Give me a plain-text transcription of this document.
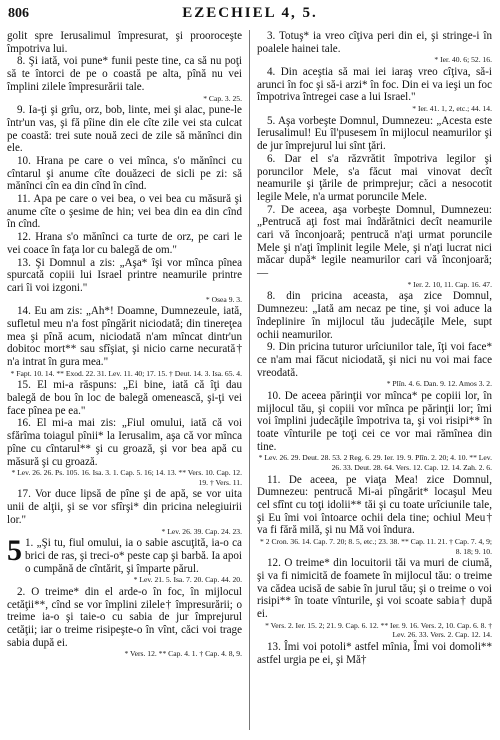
806	EZECHIEL 4, 5.

golit spre Ierusalimul împresurat, şi prooroceşte împotriva lui.

8. Şi iată, voi pune* funii peste tine, ca să nu poţi să te întorci de pe o coastă pe alta, pînă nu vei împlini zilele împresurării tale.

* Cap. 3. 25.

9. Ia-ţi şi grîu, orz, bob, linte, mei şi alac, pune-le într'un vas, şi fă pîine din ele cîte zile vei sta culcat pe coastă: trei sute nouă zeci de zile să mănînci din ele.

10. Hrana pe care o vei mînca, s'o mănînci cu cîntarul şi anume cîte douăzeci de sicli pe zi: să mănînci cîn ea din cînd în cînd.

11. Apa pe care o vei bea, o vei bea cu măsură şi anume cîte o şesime de hin; vei bea din ea din cînd în cînd.

12. Hrana s'o mănînci ca turte de orz, pe cari le vei coace în faţa lor cu balegă de om."

13. Şi Domnul a zis: „Aşa* îşi vor mînca pînea spurcată copiii lui Israel printre neamurile printre cari îi voi izgoni."

* Osea 9. 3.

14. Eu am zis: „Ah*! Doamne, Dumnezeule, iată, sufletul meu n'a fost pîngărit niciodată; din tinereţea mea şi pînă acum, niciodată n'am mîncat dintr'un dobitoc mort** sau sfîşiat, şi nicio carne necurată† n'a intrat în gura mea."

* Fapt. 10. 14. ** Exod. 22. 31. Lev. 11. 40; 17. 15. † Deut. 14. 3. Isa. 65. 4.

15. El mi-a răspuns: „Ei bine, iată că îţi dau balegă de bou în loc de balegă omenească, şi-ţi vei face pînea pe ea."

16. El mi-a mai zis: „Fiul omului, iată că voi sfărîma toiagul pînii* la Ierusalim, aşa că vor mînca pîne cu cîntarul** şi cu groază, şi vor bea apă cu măsură şi cu groază.

* Lev. 26. 26. Ps. 105. 16. Isa. 3. 1. Cap. 5. 16; 14. 13. ** Vers. 10. Cap. 12. 19. † Vers. 11.

17. Vor duce lipsă de pîne şi de apă, se vor uita unii de alţii, şi se vor sfîrşi* din pricina nelegiuirii lor."

* Lev. 26. 39. Cap. 24. 23.

5 1. „Şi tu, fiul omului, ia o sabie ascuţită, ia-o ca brici de ras, şi treci-o* peste cap şi barbă. Ia apoi o cumpănă de cîntărit, şi împarte părul.

* Lev. 21. 5. Isa. 7. 20. Cap. 44. 20.

2. O treime* din el arde-o în foc, în mijlocul cetăţii**, cînd se vor împlini zilele† împresurării; o treime ia-o şi taie-o cu sabia de jur împrejurul cetăţii; iar o treime risipeşte-o în vînt, căci voi trage sabia după ei.

* Vers. 12. ** Cap. 4. 1. † Cap. 4. 8, 9.

3. Totuş* ia vreo cîţiva peri din ei, şi stringe-i în poalele hainei tale.

* Ier. 40. 6; 52. 16.

4. Din aceştia să mai iei iaraş vreo cîţiva, să-i arunci în foc şi să-i arzi* în foc. Din ei va ieşi un foc împotriva întregei case a lui Israel."

* Ier. 41. 1, 2, etc.; 44. 14.

5. Aşa vorbeşte Domnul, Dumnezeu: „Acesta este Ierusalimul! Eu îl'pusesem în mijlocul neamurilor şi de jur împrejurul lui sînt ţări.

6. Dar el s'a răzvrătit împotriva legilor şi poruncilor Mele, s'a făcut mai vinovat decît neamurile şi ţările de primprejur; căci a nesocotit legile Mele, n'a urmat poruncile Mele.

7. De aceea, aşa vorbeşte Domnul, Dumnezeu: „Pentrucă aţi fost mai îndărătnici decît neamurile cari vă înconjoară; pentrucă n'aţi urmat poruncile Mele şi n'aţi împlinit legile Mele, şi n'aţi lucrat nici măcar după* legile neamurilor cari vă înconjoară; —

* Ier. 2. 10, 11. Cap. 16. 47.

8. din pricina aceasta, aşa zice Domnul, Dumnezeu: „Iată am necaz pe tine, şi voi aduce la îndeplinire în mijlocul tău judecăţile Mele, supt ochii neamurilor.

9. Din pricina tuturor urîciunilor tale, îţi voi face* ce n'am mai făcut niciodată, şi nici nu voi mai face vreodată.

* Plîn. 4. 6. Dan. 9. 12. Amos 3. 2.

10. De aceea părinţii vor mînca* pe copiii lor, în mijlocul tău, şi copiii vor mînca pe părinţii lor; îmi voi împlini judecăţile împotriva ta, şi voi risipi** în toate vînturile pe toţi cei ce vor mai rămînea din tine.

* Lev. 26. 29. Deut. 28. 53. 2 Reg. 6. 29. Ier. 19. 9. Plîn. 2. 20; 4. 10. ** Lev. 26. 33. Deut. 28. 64. Vers. 12. Cap. 12. 14. Zah. 2. 6.

11. De aceea, pe viaţa Mea! zice Domnul, Dumnezeu: pentrucă Mi-ai pîngărit* locaşul Meu cel sfînt cu toţi idolii** tăi şi cu toate urîciunile tale, şi Eu îmi voi întoarce ochii dela tine; ochiul Meu† va fi fără milă, şi nu Mă voi îndura.

* 2 Cron. 36. 14. Cap. 7. 20; 8. 5, etc.; 23. 38. ** Cap. 11. 21. † Cap. 7. 4, 9; 8. 18; 9. 10.

12. O treime* din locuitorii tăi va muri de ciumă, şi va fi nimicită de foamete în mijlocul tău: o treime va cădea ucisă de sabie în jurul tău; şi o treime o voi risipi** în toate vînturile, şi voi scoate sabia† după ei.

* Vers. 2. Ier. 15. 2; 21. 9. Cap. 6. 12. ** Ier. 9. 16. Vers. 2, 10. Cap. 6. 8. † Lev. 26. 33. Vers. 2. Cap. 12. 14.

13. Îmi voi potoli* astfel mînia, Îmi voi domoli** astfel urgia pe ei, şi Mă†
